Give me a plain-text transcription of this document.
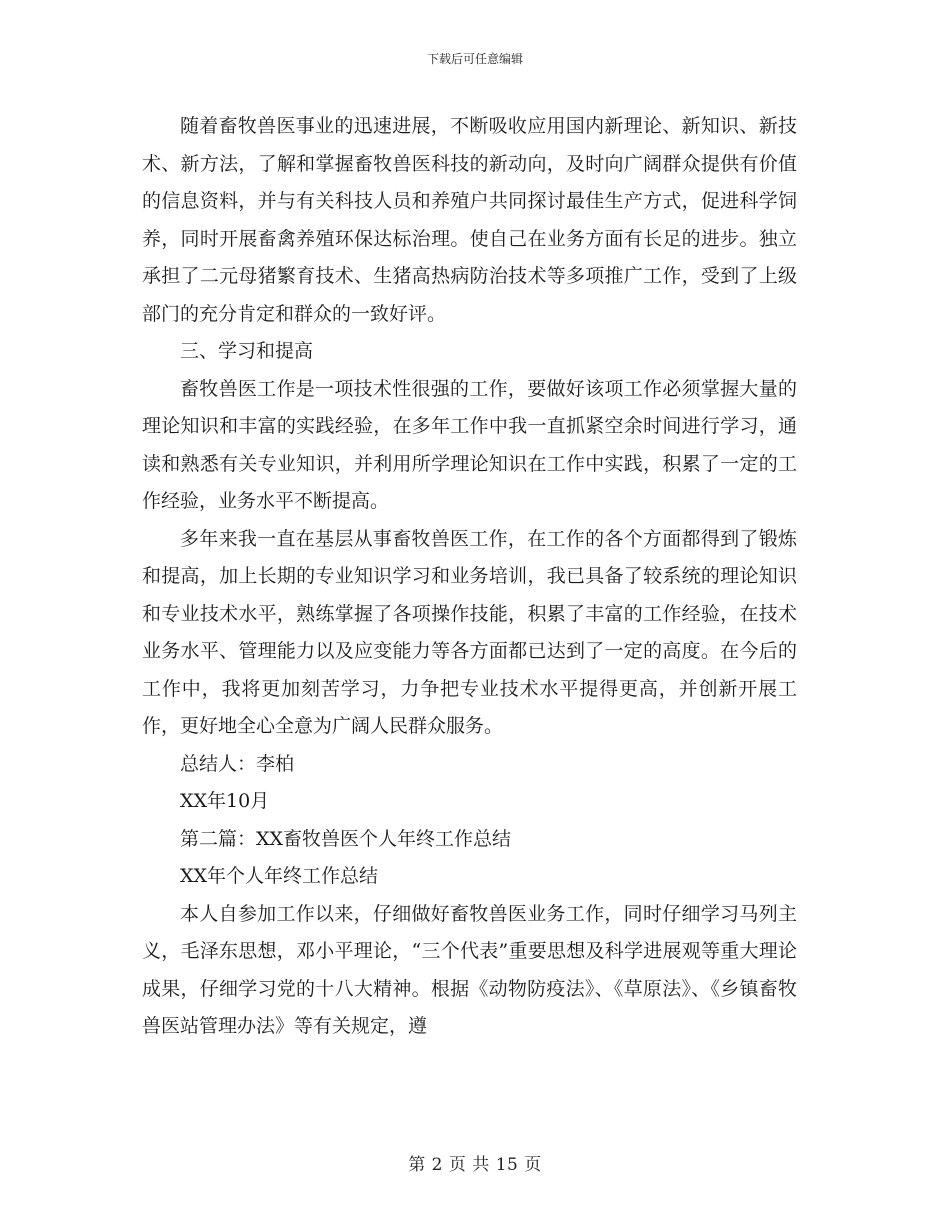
下载后可任意编辑

随着畜牧兽医事业的迅速进展，不断吸收应用国内新理论、新知识、新技术、新方法，了解和掌握畜牧兽医科技的新动向，及时向广阔群众提供有价值的信息资料，并与有关科技人员和养殖户共同探讨最佳生产方式，促进科学饲养，同时开展畜禽养殖环保达标治理。使自己在业务方面有长足的进步。独立承担了二元母猪繁育技术、生猪高热病防治技术等多项推广工作，受到了上级部门的充分肯定和群众的一致好评。

三、学习和提高

畜牧兽医工作是一项技术性很强的工作，要做好该项工作必须掌握大量的理论知识和丰富的实践经验，在多年工作中我一直抓紧空余时间进行学习，通读和熟悉有关专业知识，并利用所学理论知识在工作中实践，积累了一定的工作经验，业务水平不断提高。

多年来我一直在基层从事畜牧兽医工作，在工作的各个方面都得到了锻炼和提高，加上长期的专业知识学习和业务培训，我已具备了较系统的理论知识和专业技术水平，熟练掌握了各项操作技能，积累了丰富的工作经验，在技术业务水平、管理能力以及应变能力等各方面都已达到了一定的高度。在今后的工作中，我将更加刻苦学习，力争把专业技术水平提得更高，并创新开展工作，更好地全心全意为广阔人民群众服务。

总结人：李柏

XX年10月

第二篇：XX畜牧兽医个人年终工作总结

XX年个人年终工作总结

本人自参加工作以来，仔细做好畜牧兽医业务工作，同时仔细学习马列主义，毛泽东思想，邓小平理论，“三个代表”重要思想及科学进展观等重大理论成果，仔细学习党的十八大精神。根据《动物防疫法》、《草原法》、《乡镇畜牧兽医站管理办法》等有关规定，遵

第 2 页 共 15 页
